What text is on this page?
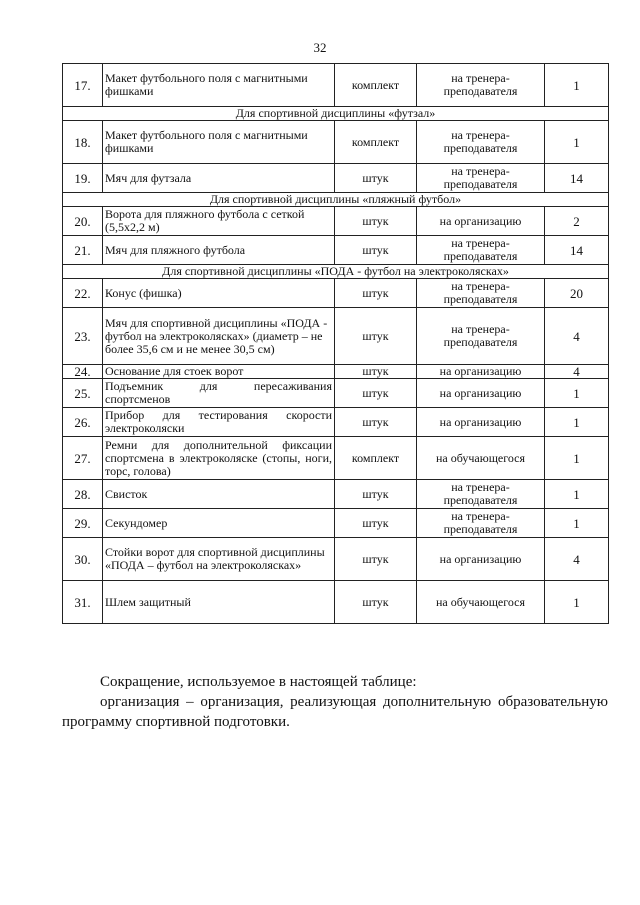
32
17.	Макет футбольного поля с магнитными фишками	комплект	на тренера-преподавателя	1
Для спортивной дисциплины «футзал»				
18.	Макет футбольного поля с магнитными фишками	комплект	на тренера-преподавателя	1
19.	Мяч для футзала	штук	на тренера-преподавателя	14
Для спортивной дисциплины «пляжный футбол»				
20.	Ворота для пляжного футбола с сеткой (5,5x2,2 м)	штук	на организацию	2
21.	Мяч для пляжного футбола	штук	на тренера-преподавателя	14
Для спортивной дисциплины «ПОДА - футбол на электроколясках»				
22.	Конус (фишка)	штук	на тренера-преподавателя	20
23.	Мяч для спортивной дисциплины «ПОДА - футбол на электроколясках» (диаметр – не более 35,6 см и не менее 30,5 см)	штук	на тренера-преподавателя	4
24.	Основание для стоек ворот	штук	на организацию	4
25.	Подъемник для пересаживания спортсменов	штук	на организацию	1
26.	Прибор для тестирования скорости электроколяски	штук	на организацию	1
27.	Ремни для дополнительной фиксации спортсмена в электроколяске (стопы, ноги, торс, голова)	комплект	на обучающегося	1
28.	Свисток	штук	на тренера-преподавателя	1
29.	Секундомер	штук	на тренера-преподавателя	1
30.	Стойки ворот для спортивной дисциплины «ПОДА – футбол на электроколясках»	штук	на организацию	4
31.	Шлем защитный	штук	на обучающегося	1

Сокращение, используемое в настоящей таблице:

организация – организация, реализующая дополнительную образовательную программу спортивной подготовки.
